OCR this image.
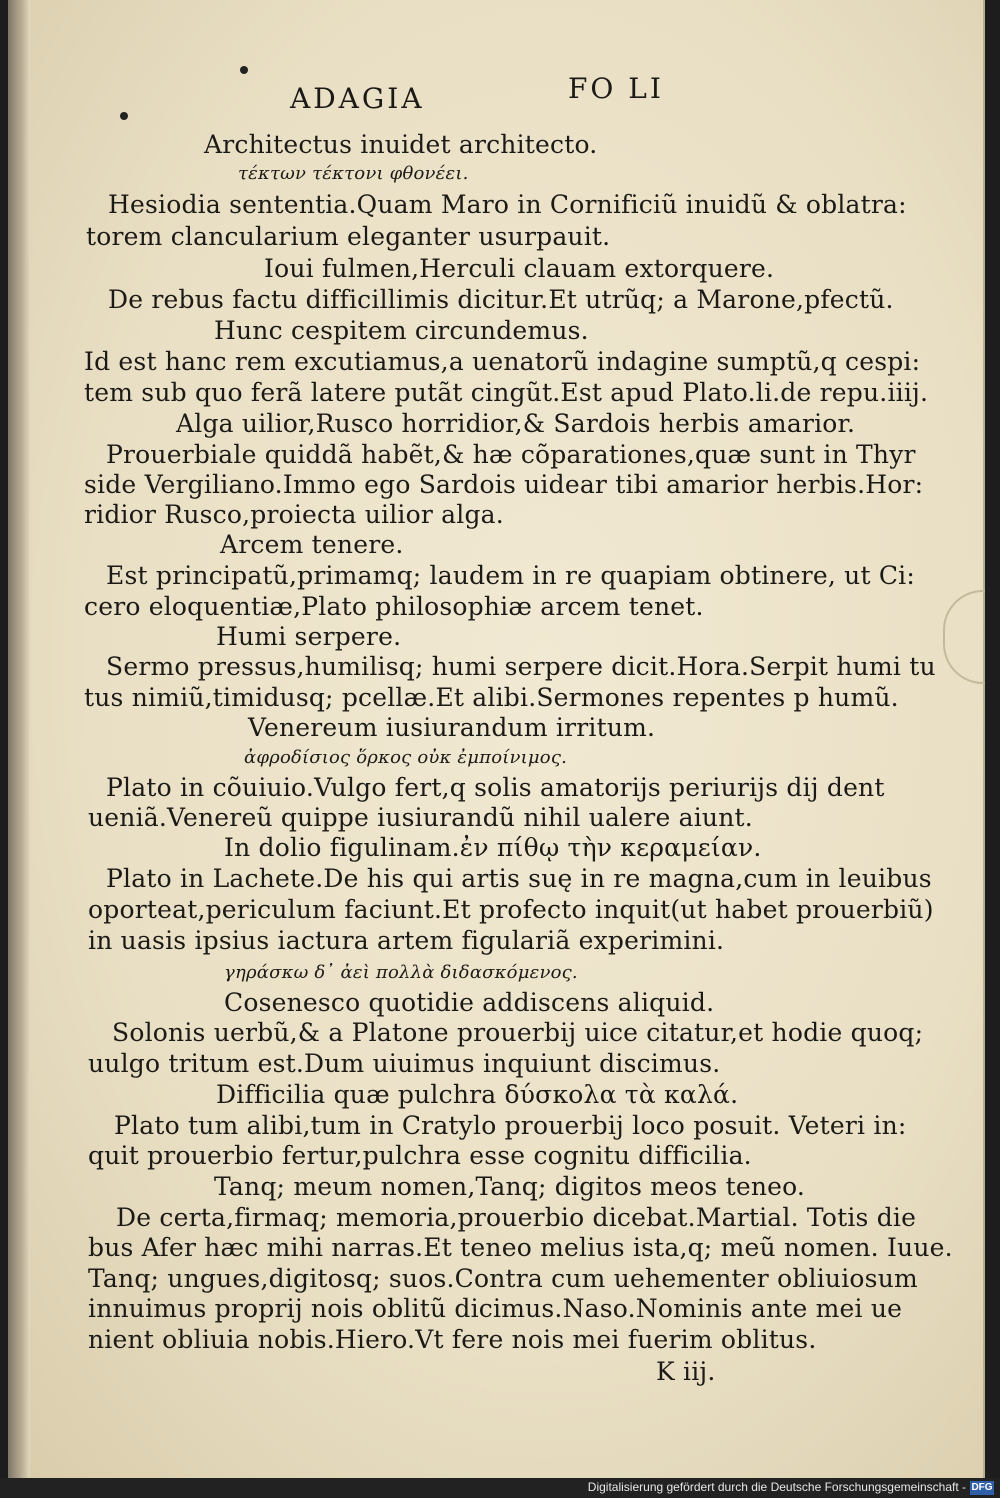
ADAGIA	FO LI
Architectus inuidet architecto.
τέκτων τέκτονι φθονέει.
Hesiodia sententia.Quam Maro in Cornificiũ inuidũ & oblatra:
torem clancularium eleganter usurpauit.
Ioui fulmen,Herculi clauam extorquere.
De rebus factu difficillimis dicitur.Et utrũq; a Marone,pfectũ.
Hunc cespitem circundemus.
Id est hanc rem excutiamus,a uenatorũ indagine sumptũ,q cespi:
tem sub quo ferã latere putãt cingũt.Est apud Plato.li.de repu.iiij.
Alga uilior,Rusco horridior,& Sardois herbis amarior.
Prouerbiale quiddã habẽt,& hæ cõparationes,quæ sunt in Thyr
side Vergiliano.Immo ego Sardois uidear tibi amarior herbis.Hor:
ridior Rusco,proiecta uilior alga.
Arcem tenere.
Est principatũ,primamq; laudem in re quapiam obtinere, ut Ci:
cero eloquentiæ,Plato philosophiæ arcem tenet.
Humi serpere.
Sermo pressus,humilisq; humi serpere dicit.Hora.Serpit humi tu
tus nimiũ,timidusq; pcellæ.Et alibi.Sermones repentes p humũ.
Venereum iusiurandum irritum.
ἀφροδίσιος ὅρκος οὐκ ἐμποίνιμος.
Plato in cõuiuio.Vulgo fert,q solis amatorijs periurijs dij dent
ueniã.Venereũ quippe iusiurandũ nihil ualere aiunt.
In dolio figulinam.ἐν πίθῳ τὴν κεραμείαν.
Plato in Lachete.De his qui artis suę in re magna,cum in leuibus
oporteat,periculum faciunt.Et profecto inquit(ut habet prouerbiũ)
in uasis ipsius iactura artem figulariã experimini.
γηράσκω δ᾽ ἀεὶ πολλὰ διδασκόμενος.
Cosenesco quotidie addiscens aliquid.
Solonis uerbũ,& a Platone prouerbij uice citatur,et hodie quoq;
uulgo tritum est.Dum uiuimus inquiunt discimus.
Difficilia quæ pulchra δύσκολα τὰ καλά.
Plato tum alibi,tum in Cratylo prouerbij loco posuit. Veteri in:
quit prouerbio fertur,pulchra esse cognitu difficilia.
Tanq; meum nomen,Tanq; digitos meos teneo.
De certa,firmaq; memoria,prouerbio dicebat.Martial. Totis die
bus Afer hæc mihi narras.Et teneo melius ista,q; meũ nomen. Iuue.
Tanq; ungues,digitosq; suos.Contra cum uehementer obliuiosum
innuimus proprij nois oblitũ dicimus.Naso.Nominis ante mei ue
nient obliuia nobis.Hiero.Vt fere nois mei fuerim oblitus.
K iij.
Digitalisierung gefördert durch die Deutsche Forschungsgemeinschaft - DFG
